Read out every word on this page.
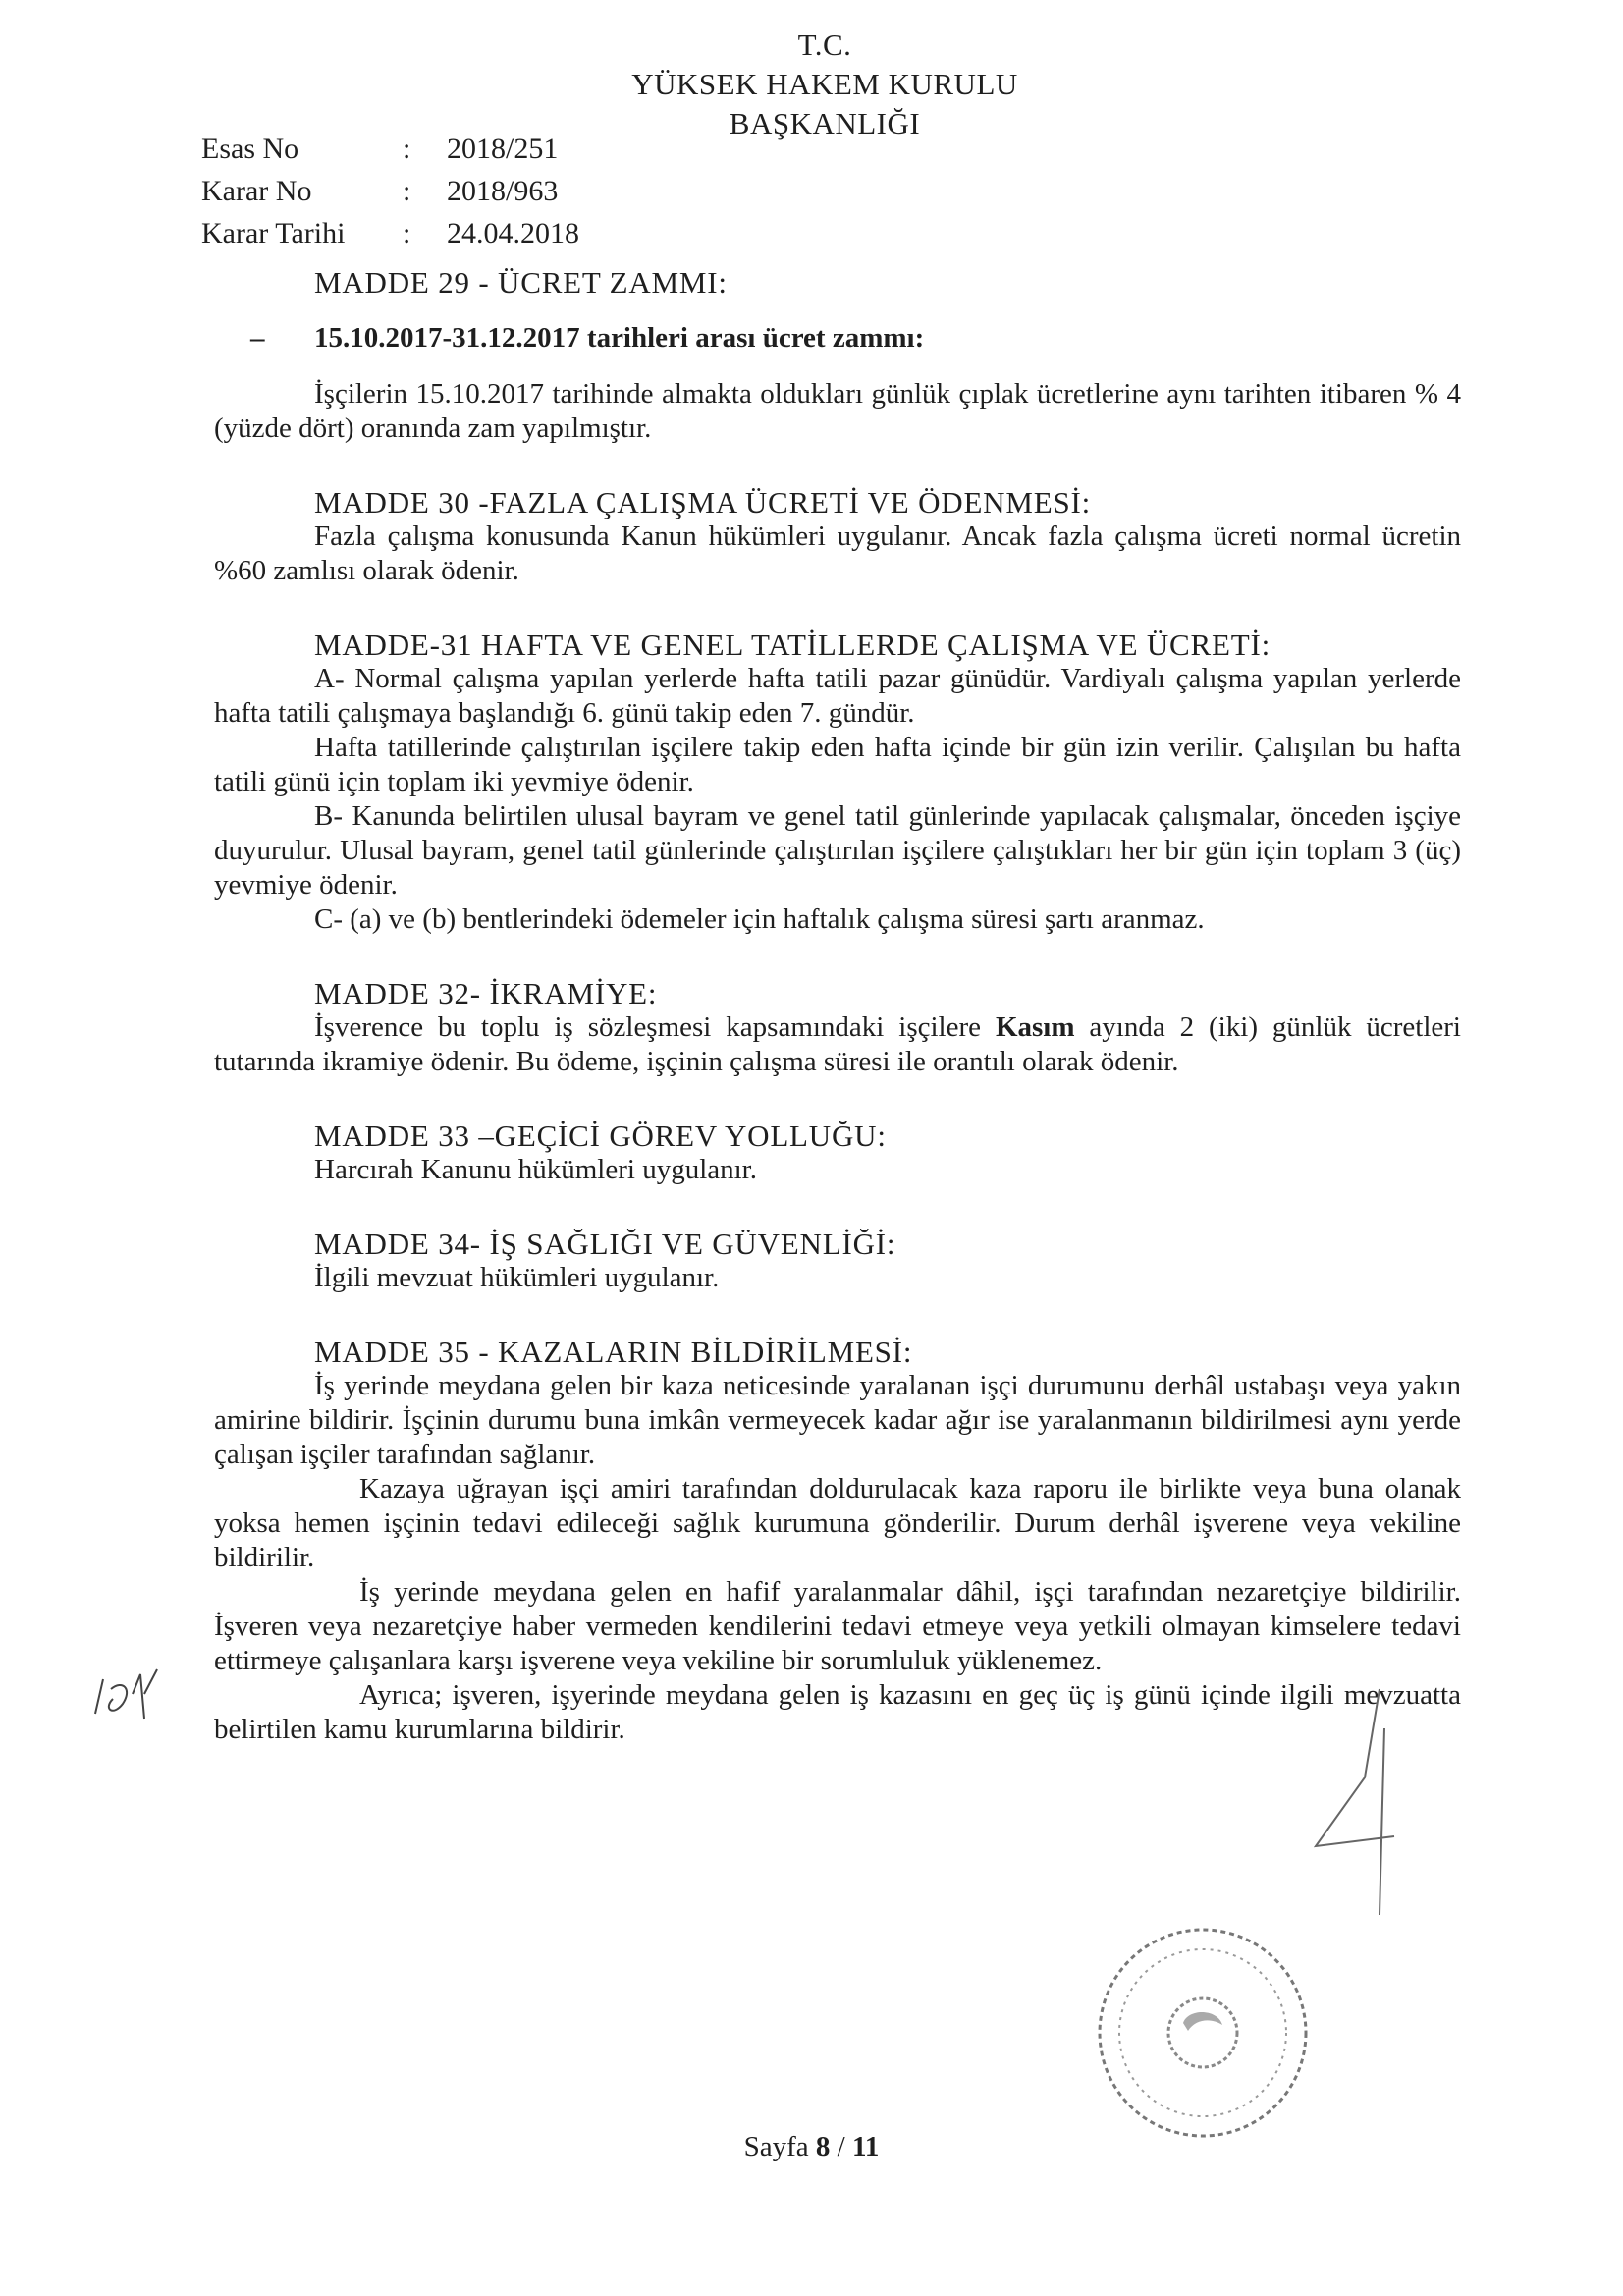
T.C.
YÜKSEK HAKEM KURULU
BAŞKANLIĞI
Esas No	:	2018/251
Karar No	:	2018/963
Karar Tarihi	:	24.04.2018
MADDE 29 - ÜCRET ZAMMI:
– 15.10.2017-31.12.2017 tarihleri arası ücret zammı:

İşçilerin 15.10.2017 tarihinde almakta oldukları günlük çıplak ücretlerine aynı tarihten itibaren % 4 (yüzde dört) oranında zam yapılmıştır.

MADDE 30 -FAZLA ÇALIŞMA ÜCRETİ VE ÖDENMESİ:

Fazla çalışma konusunda Kanun hükümleri uygulanır. Ancak fazla çalışma ücreti normal ücretin %60 zamlısı olarak ödenir.

MADDE-31 HAFTA VE GENEL TATİLLERDE ÇALIŞMA VE ÜCRETİ:

A- Normal çalışma yapılan yerlerde hafta tatili pazar günüdür. Vardiyalı çalışma yapılan yerlerde hafta tatili çalışmaya başlandığı 6. günü takip eden 7. gündür.

Hafta tatillerinde çalıştırılan işçilere takip eden hafta içinde bir gün izin verilir. Çalışılan bu hafta tatili günü için toplam iki yevmiye ödenir.

B- Kanunda belirtilen ulusal bayram ve genel tatil günlerinde yapılacak çalışmalar, önceden işçiye duyurulur. Ulusal bayram, genel tatil günlerinde çalıştırılan işçilere çalıştıkları her bir gün için toplam 3 (üç) yevmiye ödenir.

C- (a) ve (b) bentlerindeki ödemeler için haftalık çalışma süresi şartı aranmaz.

MADDE 32- İKRAMİYE:

İşverence bu toplu iş sözleşmesi kapsamındaki işçilere Kasım ayında 2 (iki) günlük ücretleri tutarında ikramiye ödenir. Bu ödeme, işçinin çalışma süresi ile orantılı olarak ödenir.

MADDE 33 –GEÇİCİ GÖREV YOLLUĞU:

Harcırah Kanunu hükümleri uygulanır.

MADDE 34- İŞ SAĞLIĞI VE GÜVENLİĞİ:

İlgili mevzuat hükümleri uygulanır.

MADDE 35 - KAZALARIN BİLDİRİLMESİ:

İş yerinde meydana gelen bir kaza neticesinde yaralanan işçi durumunu derhâl ustabaşı veya yakın amirine bildirir. İşçinin durumu buna imkân vermeyecek kadar ağır ise yaralanmanın bildirilmesi aynı yerde çalışan işçiler tarafından sağlanır.

Kazaya uğrayan işçi amiri tarafından doldurulacak kaza raporu ile birlikte veya buna olanak yoksa hemen işçinin tedavi edileceği sağlık kurumuna gönderilir. Durum derhâl işverene veya vekiline bildirilir.

İş yerinde meydana gelen en hafif yaralanmalar dâhil, işçi tarafından nezaretçiye bildirilir. İşveren veya nezaretçiye haber vermeden kendilerini tedavi etmeye veya yetkili olmayan kimselere tedavi ettirmeye çalışanlara karşı işverene veya vekiline bir sorumluluk yüklenemez.

Ayrıca; işveren, işyerinde meydana gelen iş kazasını en geç üç iş günü içinde ilgili mevzuatta belirtilen kamu kurumlarına bildirir.

Sayfa 8 / 11
